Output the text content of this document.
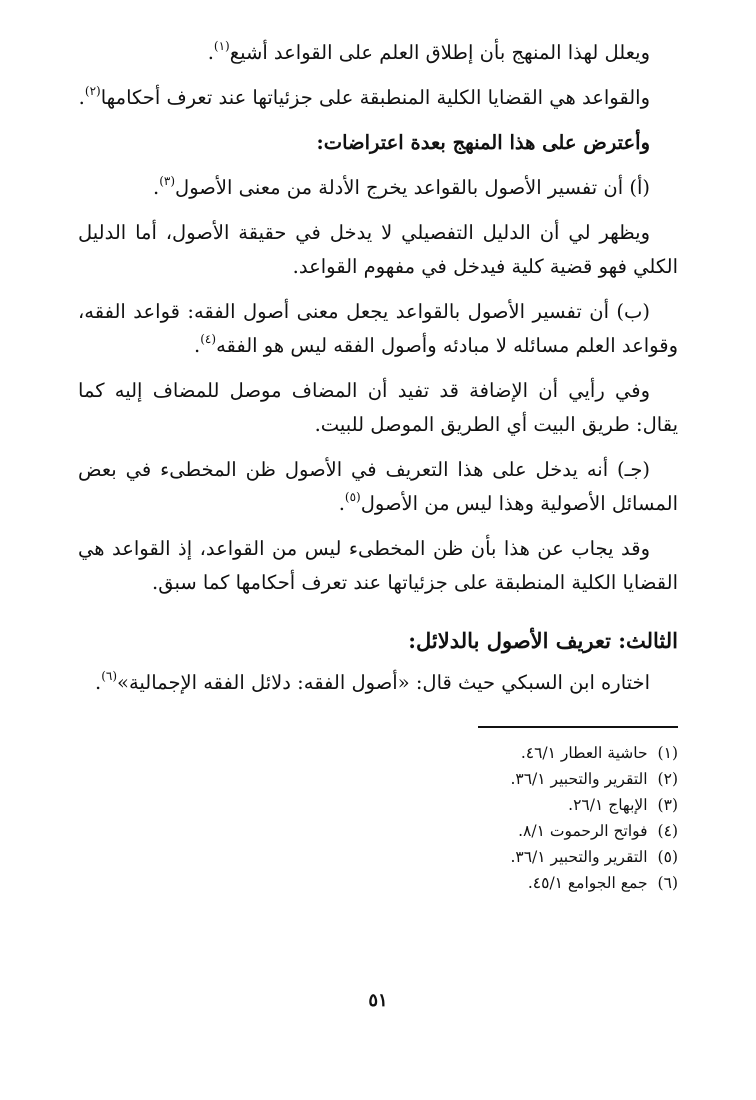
ويعلل لهذا المنهج بأن إطلاق العلم على القواعد أشيع$^{(١)}$.

والقواعد هي القضايا الكلية المنطبقة على جزئياتها عند تعرف أحكامها$^{(٢)}$.

وأعترض على هذا المنهج بعدة اعتراضات:

(أ) أن تفسير الأصول بالقواعد يخرج الأدلة من معنى الأصول$^{(٣)}$.

ويظهر لي أن الدليل التفصيلي لا يدخل في حقيقة الأصول، أما الدليل الكلي فهو قضية كلية فيدخل في مفهوم القواعد.

(ب) أن تفسير الأصول بالقواعد يجعل معنى أصول الفقه: قواعد الفقه، وقواعد العلم مسائله لا مبادئه وأصول الفقه ليس هو الفقه$^{(٤)}$.

وفي رأيي أن الإضافة قد تفيد أن المضاف موصل للمضاف إليه كما يقال: طريق البيت أي الطريق الموصل للبيت.

(جـ) أنه يدخل على هذا التعريف في الأصول ظن المخطىء في بعض المسائل الأصولية وهذا ليس من الأصول$^{(٥)}$.

وقد يجاب عن هذا بأن ظن المخطىء ليس من القواعد، إذ القواعد هي القضايا الكلية المنطبقة على جزئياتها عند تعرف أحكامها كما سبق.

الثالث: تعريف الأصول بالدلائل:

اختاره ابن السبكي حيث قال: «أصول الفقه: دلائل الفقه الإجمالية»$^{(٦)}$.

(١)حاشية العطار ٤٦/١.
(٢)التقرير والتحبير ٣٦/١.
(٣)الإبهاج ٢٦/١.
(٤)فواتح الرحموت ٨/١.
(٥)التقرير والتحبير ٣٦/١.
(٦)جمع الجوامع ٤٥/١.
٥١
